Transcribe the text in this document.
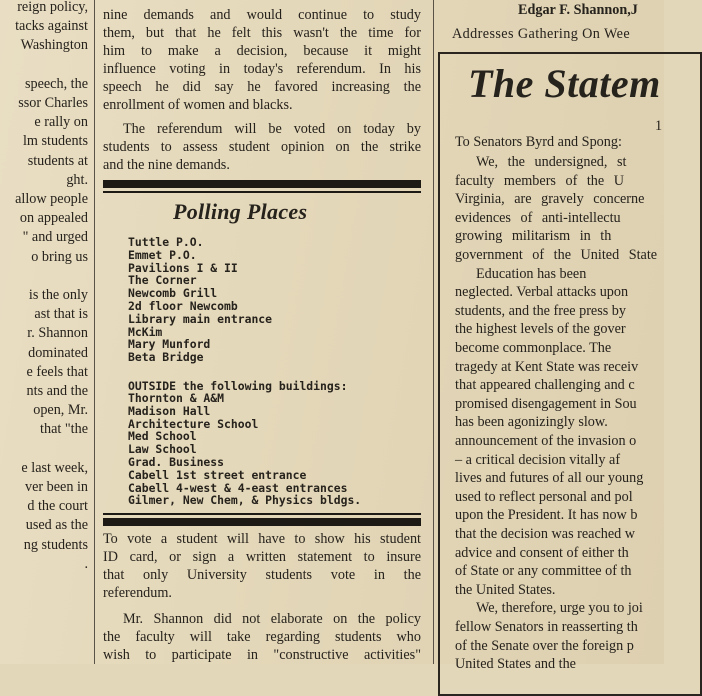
reign policy,
tacks against
Washington
speech, the
ssor Charles
e rally on
lm students
students at
ght.
allow people
on appealed
" and urged
o bring us
is the only
ast that is
r. Shannon
dominated
e feels that
nts and the
open, Mr.
that "the
e last week,
ver been in
d the court
used as the
ng students
.
nine demands and would continue to study
them, but that he felt this wasn't the time for
him to make a decision, because it might
influence voting in today's referendum. In his
speech he did say he favored increasing the
enrollment of women and blacks.
The referendum will be voted on today by
students to assess student opinion on the strike
and the nine demands.
Polling Places
Tuttle P.O.
Emmet P.O.
Pavilions I & II
The Corner
Newcomb Grill
2d floor Newcomb
Library main entrance
McKim
Mary Munford
Beta Bridge
OUTSIDE the following buildings:
Thornton & A&M
Madison Hall
Architecture School
Med School
Law School
Grad. Business
Cabell 1st street entrance
Cabell 4-west & 4-east entrances
Gilmer, New Chem, & Physics bldgs.
To vote a student will have to show his student
ID card, or sign a written statement to insure
that only University students vote in the
referendum.
Mr. Shannon did not elaborate on the policy
the faculty will take regarding students who
wish to participate in "constructive activities"
Edgar F. Shannon,J
Addresses Gathering On Wee
The Statem
1
To Senators Byrd and Spong:
We, the undersigned, st
faculty members of the U
Virginia, are gravely concerne
evidences of anti-intellectu
growing militarism in th
government of the United State
Education has been
neglected. Verbal attacks upon
students, and the free press by
the highest levels of the gover
become commonplace. The
tragedy at Kent State was receiv
that appeared challenging and c
promised disengagement in Sou
has been agonizingly slow.
announcement of the invasion o
– a critical decision vitally af
lives and futures of all our young
used to reflect personal and pol
upon the President. It has now b
that the decision was reached w
advice and consent of either th
of State or any committee of th
the United States.
We, therefore, urge you to joi
fellow Senators in reasserting th
of the Senate over the foreign p
United States and the
